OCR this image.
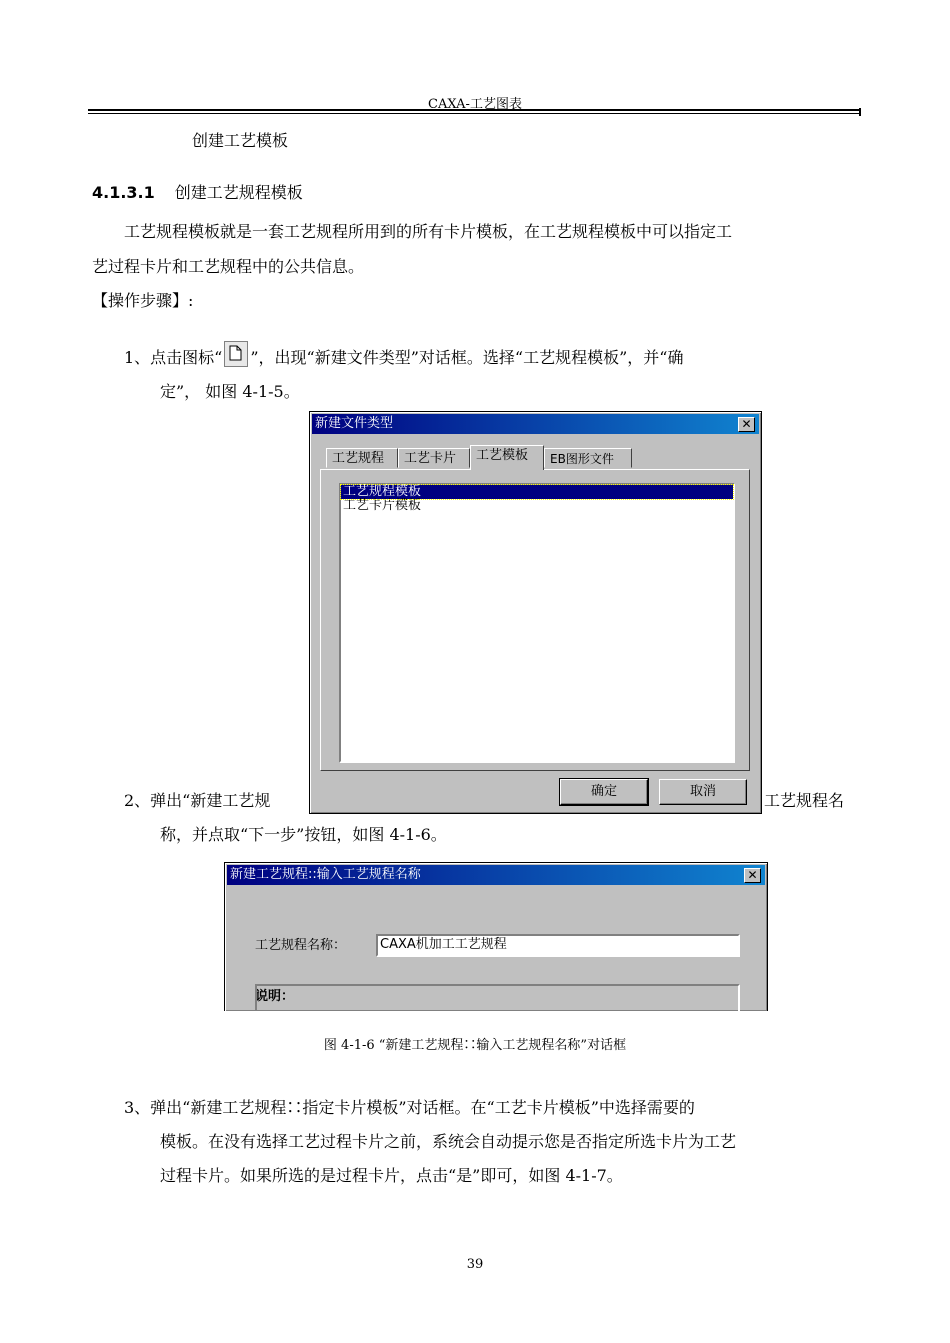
CAXA-工艺图表
创建工艺模板
4.1.3.1 创建工艺规程模板
工艺规程模板就是一套工艺规程所用到的所有卡片模板，在工艺规程模板中可以指定工
艺过程卡片和工艺规程中的公共信息。
【操作步骤】:
1、点击图标“ ”，出现“新建文件类型”对话框。选择“工艺规程模板”，并“确
定”， 如图 4-1-5。
2、弹出“新建工艺规	工艺规程名
称，并点取“下一步”按钮，如图 4-1-6。
新建文件类型	✕
工艺规程	工艺卡片	工艺模板	EB图形文件
工艺规程模板
工艺卡片模板
确定	取消
新建工艺规程::输入工艺规程名称	✕
工艺规程名称：	CAXA机加工工艺规程
说明：
图 4-1-6 “新建工艺规程∷输入工艺规程名称”对话框
3、弹出“新建工艺规程∷指定卡片模板”对话框。在“工艺卡片模板”中选择需要的
模板。在没有选择工艺过程卡片之前，系统会自动提示您是否指定所选卡片为工艺
过程卡片。如果所选的是过程卡片，点击“是”即可，如图 4-1-7。
39
